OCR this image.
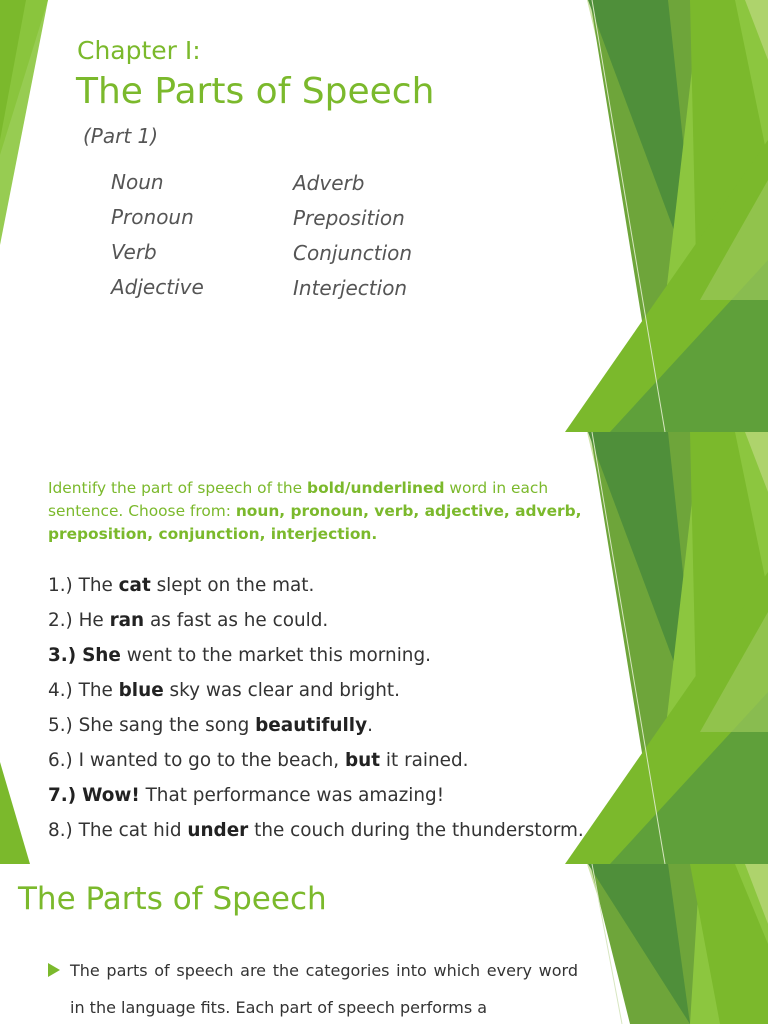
Chapter I:
The Parts of Speech
(Part 1)
Noun
Pronoun
Verb
Adjective
Adverb
Preposition
Conjunction
Interjection

Identify the part of speech of the bold/underlined word in each sentence. Choose from: noun, pronoun, verb, adjective, adverb, preposition, conjunction, interjection.

1.) The cat slept on the mat.
2.) He ran as fast as he could.
3.) She went to the market this morning.
4.) The blue sky was clear and bright.
5.) She sang the song beautifully.
6.) I wanted to go to the beach, but it rained.
7.) Wow! That performance was amazing!
8.) The cat hid under the couch during the thunderstorm.
The Parts of Speech

The parts of speech are the categories into which every word in the language fits. Each part of speech performs a
